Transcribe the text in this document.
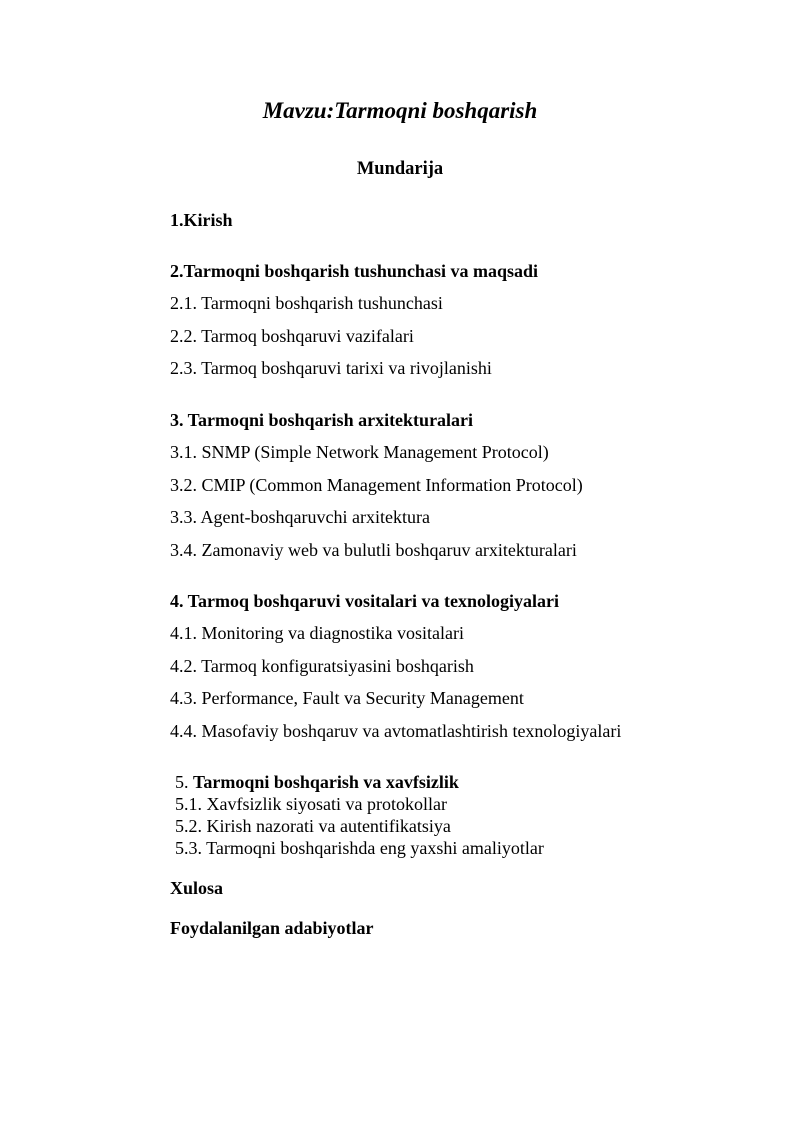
Mavzu:Tarmoqni boshqarish
Mundarija
1.Kirish
2.Tarmoqni boshqarish tushunchasi va maqsadi
2.1. Tarmoqni boshqarish tushunchasi
2.2. Tarmoq boshqaruvi vazifalari
2.3. Tarmoq boshqaruvi tarixi va rivojlanishi
3. Tarmoqni boshqarish arxitekturalari
3.1. SNMP (Simple Network Management Protocol)
3.2. CMIP (Common Management Information Protocol)
3.3. Agent-boshqaruvchi arxitektura
3.4. Zamonaviy web va bulutli boshqaruv arxitekturalari
4. Tarmoq boshqaruvi vositalari va texnologiyalari
4.1. Monitoring va diagnostika vositalari
4.2. Tarmoq konfiguratsiyasini boshqarish
4.3. Performance, Fault va Security Management
4.4. Masofaviy boshqaruv va avtomatlashtirish texnologiyalari
5. Tarmoqni boshqarish va xavfsizlik
5.1. Xavfsizlik siyosati va protokollar
5.2. Kirish nazorati va autentifikatsiya
5.3. Tarmoqni boshqarishda eng yaxshi amaliyotlar
Xulosa
Foydalanilgan adabiyotlar
